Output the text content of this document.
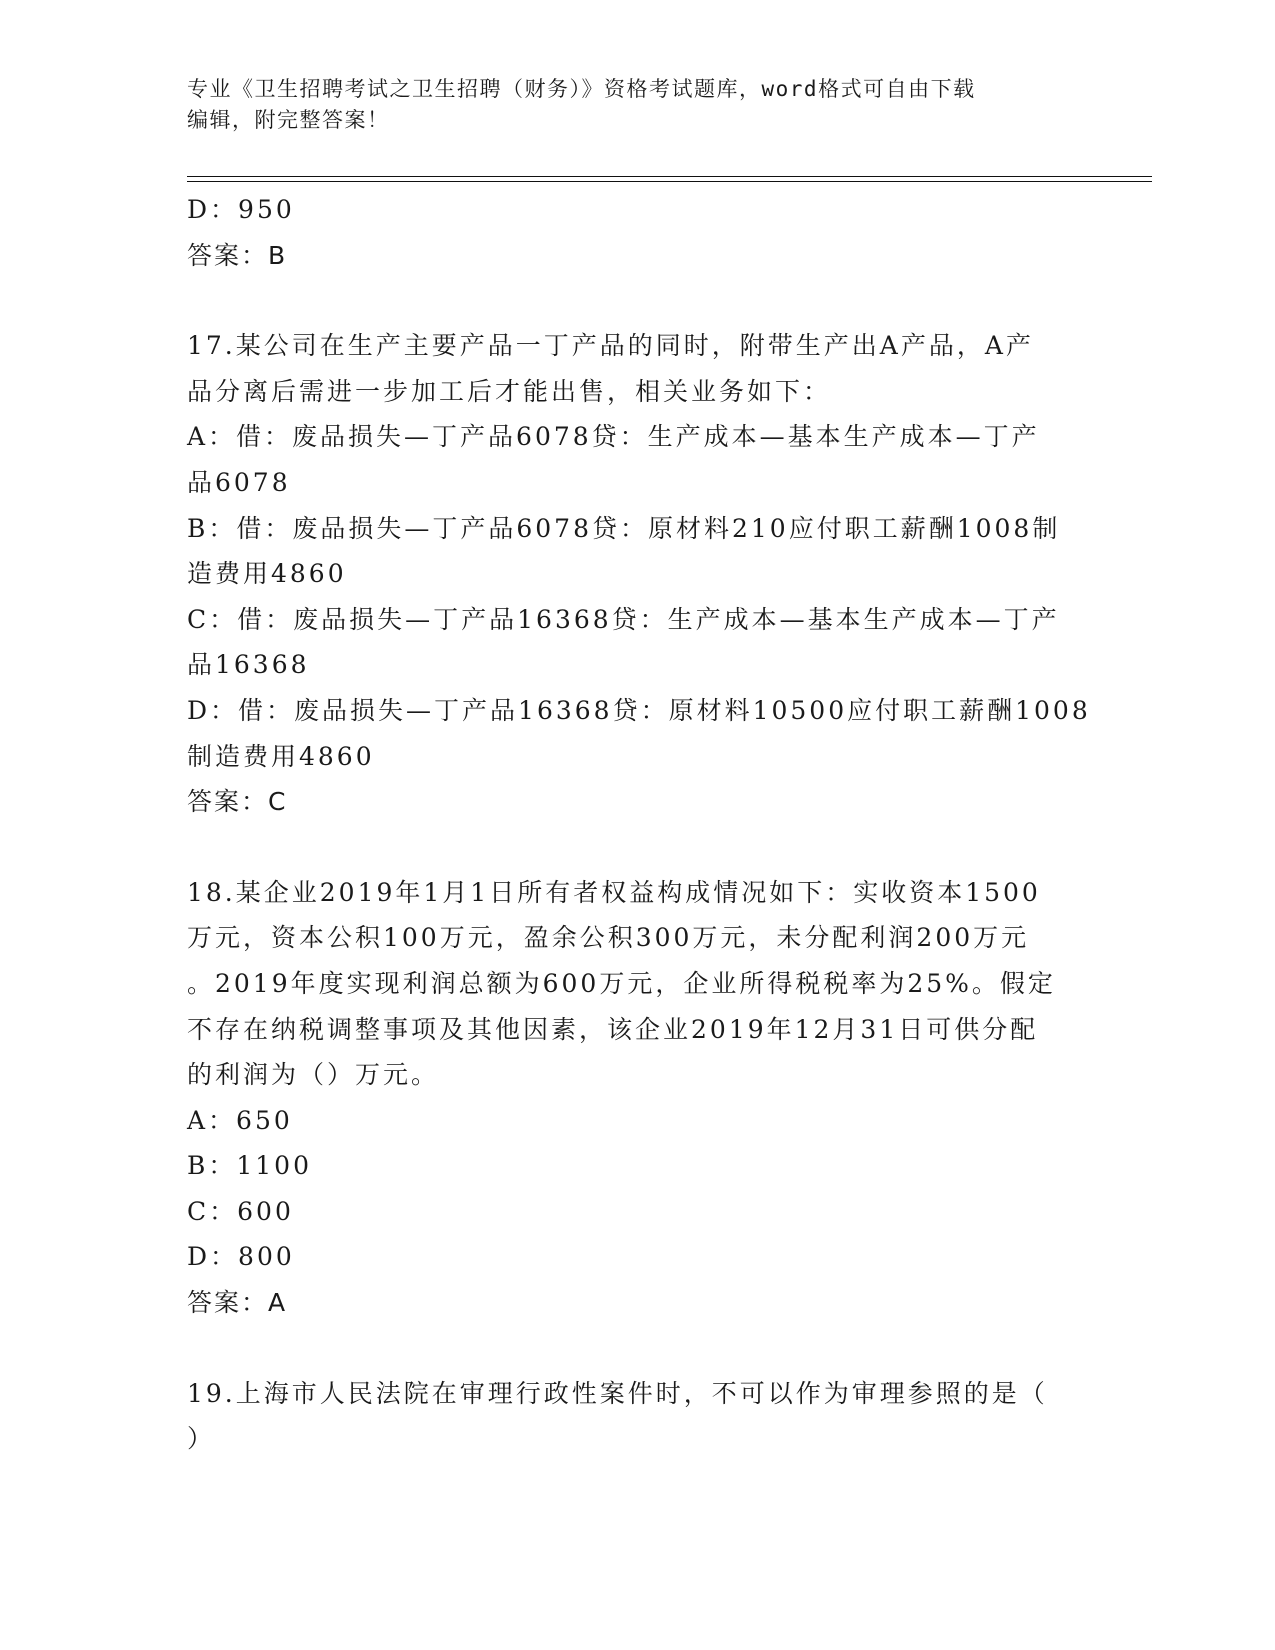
专业《卫生招聘考试之卫生招聘（财务）》资格考试题库，word格式可自由下载
编辑，附完整答案！
D：950
答案：B
17.某公司在生产主要产品一丁产品的同时，附带生产出A产品，A产
品分离后需进一步加工后才能出售，相关业务如下：
A：借：废品损失—丁产品6078贷：生产成本—基本生产成本—丁产
品6078
B：借：废品损失—丁产品6078贷：原材料210应付职工薪酬1008制
造费用4860
C：借：废品损失—丁产品16368贷：生产成本—基本生产成本—丁产
品16368
D：借：废品损失—丁产品16368贷：原材料10500应付职工薪酬1008
制造费用4860
答案：C
18.某企业2019年1月1日所有者权益构成情况如下：实收资本1500
万元，资本公积100万元，盈余公积300万元，未分配利润200万元
。2019年度实现利润总额为600万元，企业所得税税率为25%。假定
不存在纳税调整事项及其他因素，该企业2019年12月31日可供分配
的利润为（）万元。
A：650
B：1100
C：600
D：800
答案：A
19.上海市人民法院在审理行政性案件时，不可以作为审理参照的是（
）
